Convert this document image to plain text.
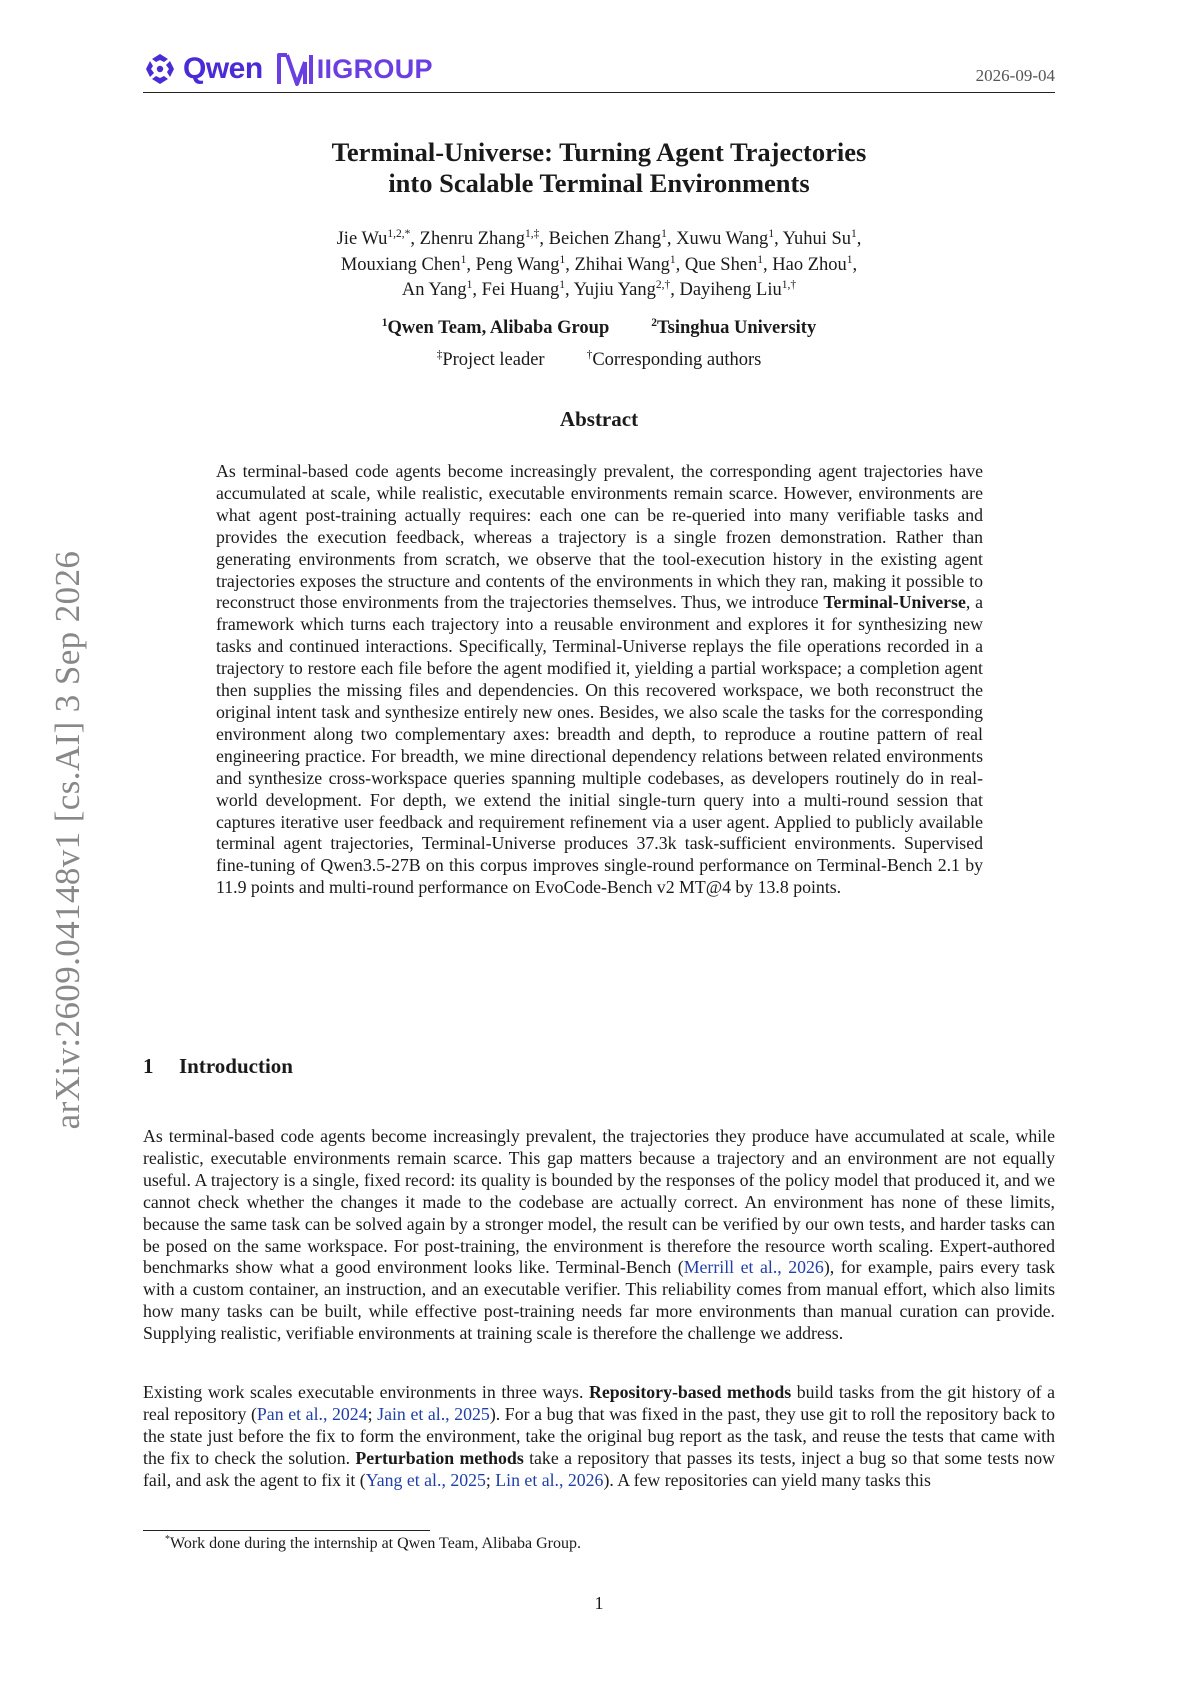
Qwen IIGROUP	2026-09-04
arXiv:2609.04148v1 [cs.AI] 3 Sep 2026
Terminal-Universe: Turning Agent Trajectories
into Scalable Terminal Environments
Jie $Wu^{1,2,*}$, Zhenru Zhang$^{1,\ddagger}$, Beichen Zhang$^1$, Xuwu Wang$^1$, Yuhui Su$^1$,
Mouxiang Chen$^1$, Peng Wang$^1$, Zhihai Wang$^1$, Que Shen$^1$, Hao Zhou$^1$,
An Yang$^1$, Fei Huang$^1$, Yujiu Yang$^{2,\dagger}$, Dayiheng Liu$^{1,\dagger}$
$^1$Qwen Team, Alibaba Group	$^2$Tsinghua University
‡Project leader	†Corresponding authors
Abstract

As terminal-based code agents become increasingly prevalent, the corresponding agent trajectories have accumulated at scale, while realistic, executable environments remain scarce. However, environments are what agent post-training actually requires: each one can be re-queried into many verifiable tasks and provides the execution feedback, whereas a trajectory is a single frozen demonstration. Rather than generating environments from scratch, we observe that the tool-execution history in the existing agent trajectories exposes the structure and contents of the environments in which they ran, making it possible to reconstruct those environments from the trajectories themselves. Thus, we introduce Terminal-Universe, a framework which turns each trajectory into a reusable environment and explores it for synthesizing new tasks and continued interactions. Specifically, Terminal-Universe replays the file operations recorded in a trajectory to restore each file before the agent modified it, yielding a partial workspace; a completion agent then supplies the missing files and dependencies. On this recovered workspace, we both reconstruct the original intent task and synthesize entirely new ones. Besides, we also scale the tasks for the corresponding environment along two complementary axes: breadth and depth, to reproduce a routine pattern of real engineering practice. For breadth, we mine directional dependency relations between related environments and synthesize cross-workspace queries spanning multiple codebases, as developers routinely do in real-world development. For depth, we extend the initial single-turn query into a multi-round session that captures iterative user feedback and requirement refinement via a user agent. Applied to publicly available terminal agent trajectories, Terminal-Universe produces 37.3k task-sufficient environments. Supervised fine-tuning of Qwen3.5-27B on this corpus improves single-round performance on Terminal-Bench 2.1 by 11.9 points and multi-round performance on EvoCode-Bench v2 MT@4 by 13.8 points.

1 Introduction

As terminal-based code agents become increasingly prevalent, the trajectories they produce have accumulated at scale, while realistic, executable environments remain scarce. This gap matters because a trajectory and an environment are not equally useful. A trajectory is a single, fixed record: its quality is bounded by the responses of the policy model that produced it, and we cannot check whether the changes it made to the codebase are actually correct. An environment has none of these limits, because the same task can be solved again by a stronger model, the result can be verified by our own tests, and harder tasks can be posed on the same workspace. For post-training, the environment is therefore the resource worth scaling. Expert-authored benchmarks show what a good environment looks like. Terminal-Bench (Merrill et al., 2026), for example, pairs every task with a custom container, an instruction, and an executable verifier. This reliability comes from manual effort, which also limits how many tasks can be built, while effective post-training needs far more environments than manual curation can provide. Supplying realistic, verifiable environments at training scale is therefore the challenge we address.

Existing work scales executable environments in three ways. Repository-based methods build tasks from the git history of a real repository (Pan et al., 2024; Jain et al., 2025). For a bug that was fixed in the past, they use git to roll the repository back to the state just before the fix to form the environment, take the original bug report as the task, and reuse the tests that came with the fix to check the solution. Perturbation methods take a repository that passes its tests, inject a bug so that some tests now fail, and ask the agent to fix it (Yang et al., 2025; Lin et al., 2026). A few repositories can yield many tasks this

*Work done during the internship at Qwen Team, Alibaba Group.
1
